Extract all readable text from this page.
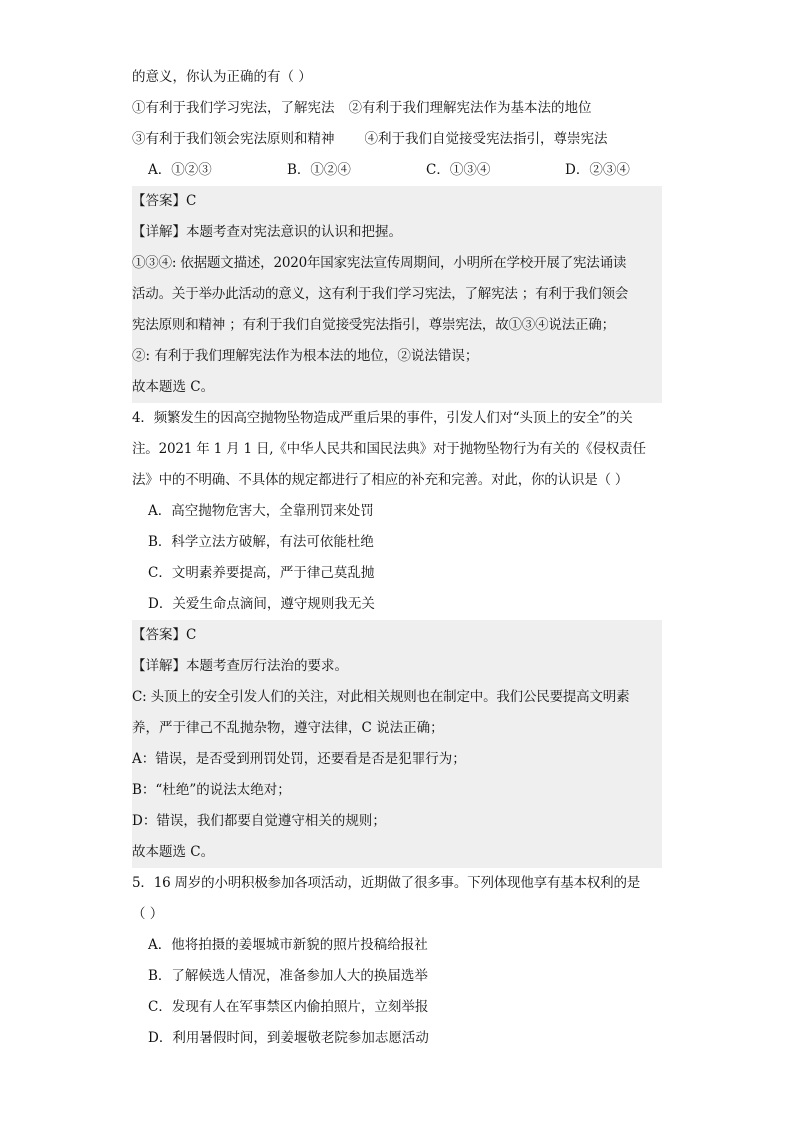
的意义，你认为正确的有（ ）
①有利于我们学习宪法，了解宪法 ②有利于我们理解宪法作为基本法的地位
③有利于我们领会宪法原则和精神 ④利于我们自觉接受宪法指引，尊崇宪法
A．①②③	B．①②④	C．①③④	D．②③④
【答案】C
【详解】本题考查对宪法意识的认识和把握。
①③④: 依据题文描述，2020年国家宪法宣传周期间，小明所在学校开展了宪法诵读
活动。关于举办此活动的意义，这有利于我们学习宪法，了解宪法 ；有利于我们领会
宪法原则和精神 ；有利于我们自觉接受宪法指引，尊崇宪法，故①③④说法正确；
②: 有利于我们理解宪法作为根本法的地位，②说法错误；
故本题选 C。
4．频繁发生的因高空抛物坠物造成严重后果的事件，引发人们对“头顶上的安全”的关
注。2021 年 1 月 1 日,《中华人民共和国民法典》对于抛物坠物行为有关的《侵权责任
法》中的不明确、不具体的规定都进行了相应的补充和完善。对此，你的认识是（ ）
A．高空抛物危害大，全靠刑罚来处罚
B．科学立法方破解，有法可依能杜绝
C．文明素养要提高，严于律己莫乱抛
D．关爱生命点滴间，遵守规则我无关
【答案】C
【详解】本题考查厉行法治的要求。
C: 头顶上的安全引发人们的关注，对此相关规则也在制定中。我们公民要提高文明素
养，严于律己不乱抛杂物，遵守法律，C 说法正确；
A：错误，是否受到刑罚处罚，还要看是否是犯罪行为；
B：“杜绝”的说法太绝对；
D：错误，我们都要自觉遵守相关的规则；
故本题选 C。
5．16 周岁的小明积极参加各项活动，近期做了很多事。下列体现他享有基本权利的是
（ ）
A．他将拍摄的姜堰城市新貌的照片投稿给报社
B．了解候选人情况，准备参加人大的换届选举
C．发现有人在军事禁区内偷拍照片，立刻举报
D．利用暑假时间，到姜堰敬老院参加志愿活动
